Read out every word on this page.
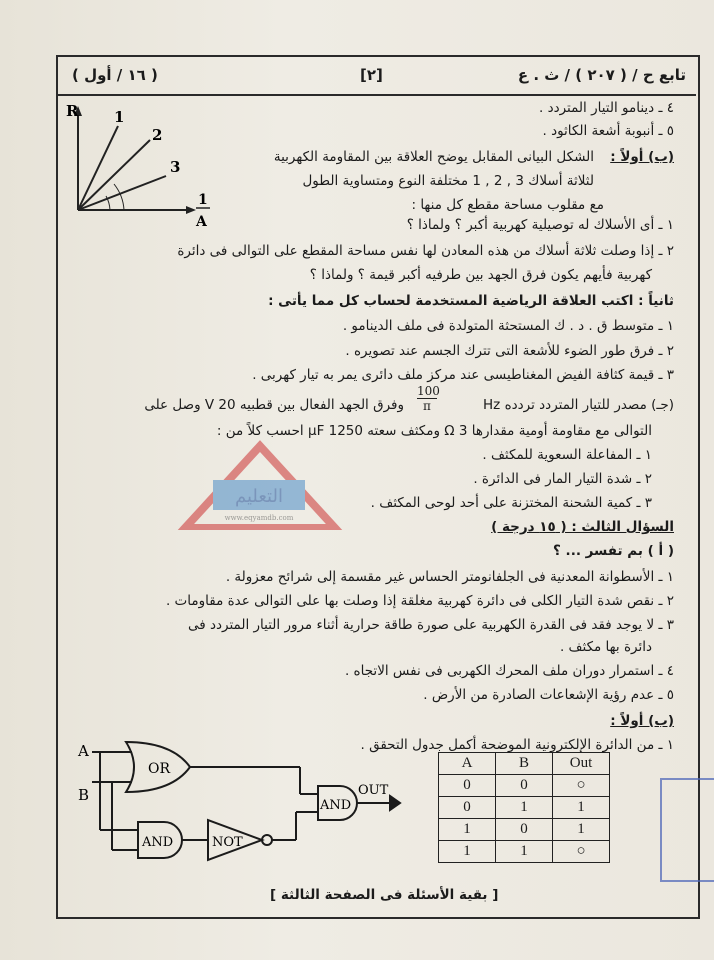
تابع ح / ( ٢٠٧ ) / ث . ع
[٢]
( ١٦ / أول )
R 1
2
3
1
A
٤ ـ دينامو التيار المتردد .
٥ ـ أنبوبة أشعة الكاثود .
(ب) أولاً :
الشكل البيانى المقابل يوضح العلاقة بين المقاومة الكهربية
لثلاثة أسلاك 3 , 2 , 1 مختلفة النوع ومتساوية الطول
مع مقلوب مساحة مقطع كل منها :
١ ـ أى الأسلاك له توصيلية كهربية أكبر ؟ ولماذا ؟
٢ ـ إذا وصلت ثلاثة أسلاك من هذه المعادن لها نفس مساحة المقطع على التوالى فى دائرة
كهربية فأيهم يكون فرق الجهد بين طرفيه أكبر قيمة ؟ ولماذا ؟
ثانياً : اكتب العلاقة الرياضية المستخدمة لحساب كل مما يأتى :
١ ـ متوسط ق . د . ك المستحثة المتولدة فى ملف الدينامو .
٢ ـ فرق طور الضوء للأشعة التى تترك الجسم عند تصويره .
٣ ـ قيمة كثافة الفيض المغناطيسى عند مركز ملف دائرى يمر به تيار كهربى .
(جـ) مصدر للتيار المتردد تردده Hz
$\frac{100}{\pi}$
وفرق الجهد الفعال بين قطبيه V 20 وصل على
التوالى مع مقاومة أومية مقدارها Ω 3 ومكثف سعته μF 1250 احسب كلاً من :
١ ـ المفاعلة السعوية للمكثف .
٢ ـ شدة التيار المار فى الدائرة .
٣ ـ كمية الشحنة المختزنة على أحد لوحى المكثف .
التعليم
www.eqyamdb.com
السؤال الثالث : ( ١٥ درجة )
( أ ) بم تفسر ... ؟
١ ـ الأسطوانة المعدنية فى الجلفانومتر الحساس غير مقسمة إلى شرائح معزولة .
٢ ـ نقص شدة التيار الكلى فى دائرة كهربية مغلقة إذا وصلت بها على التوالى عدة مقاومات .
٣ ـ لا يوجد فقد فى القدرة الكهربية على صورة طاقة حرارية أثناء مرور التيار المتردد فى
دائرة بها مكثف .
٤ ـ استمرار دوران ملف المحرك الكهربى فى نفس الاتجاه .
٥ ـ عدم رؤية الإشعاعات الصادرة من الأرض .
(ب) أولاً :
١ ـ من الدائرة الإلكترونية الموضحة أكمل جدول التحقق .
A
B
OR
AND	NOT
AND
OUT
A	B	Out
0	0	○
0	1	1
1	0	1
1	1	○
[ بقية الأسئلة فى الصفحة الثالثة ]
